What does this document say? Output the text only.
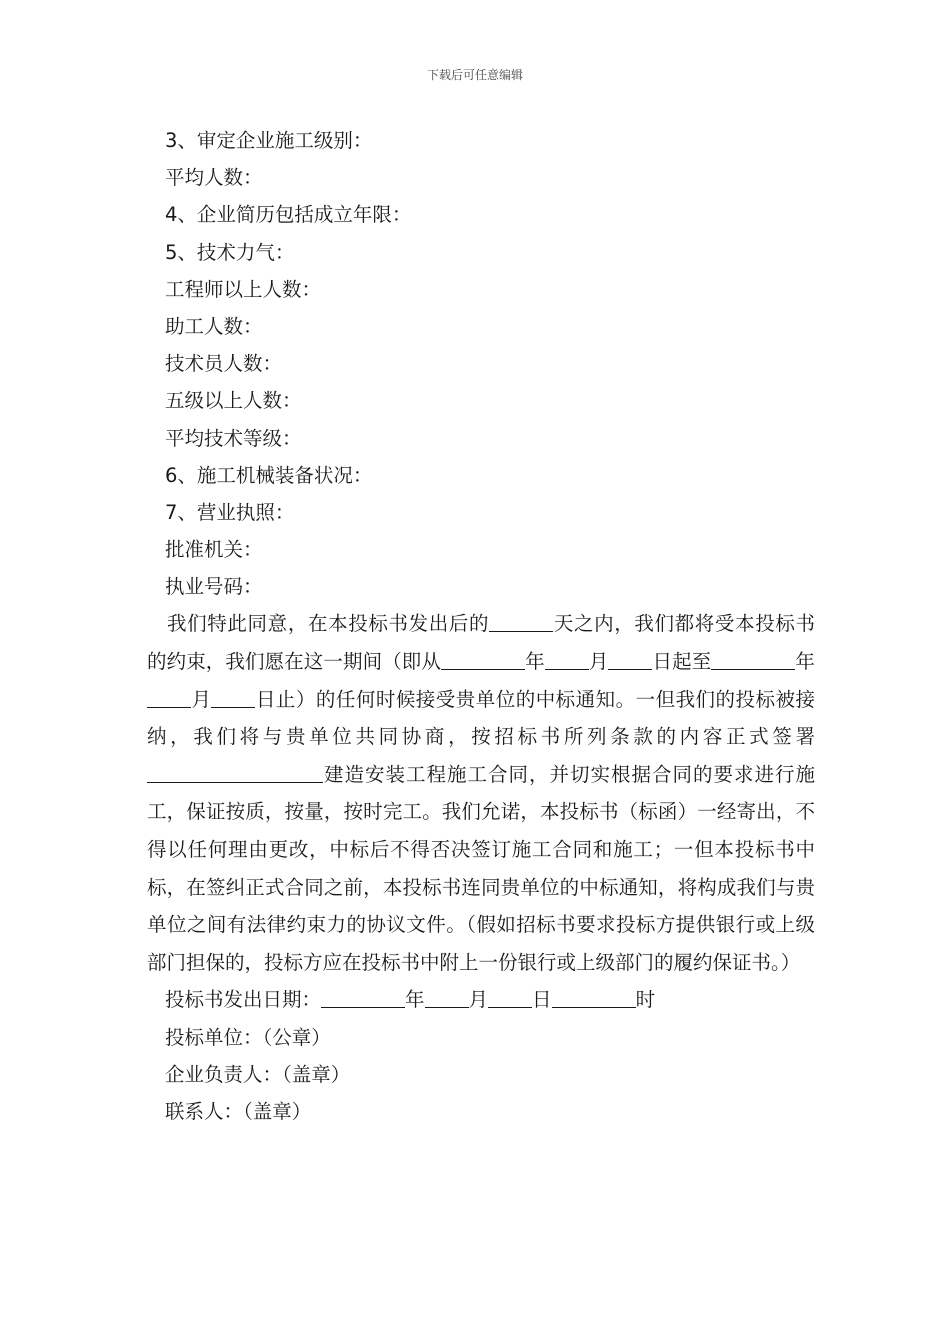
下载后可任意编辑
3、审定企业施工级别：
平均人数：
4、企业简历包括成立年限：
5、技术力气：
工程师以上人数：
助工人数：
技术员人数：
五级以上人数：
平均技术等级：
6、施工机械装备状况：
7、营业执照：
批准机关：
执业号码：

我们特此同意，在本投标书发出后的	天之内，我们都将受本投标书的约束，我们愿在这一期间（即从	年 月 日起至	年月 日止）的任何时候接受贵单位的中标通知。一但我们的投标被接纳，我们将与贵单位共同协商，按招标书所列条款的内容正式签署建造安装工程施工合同，并切实根据合同的要求进行施工，保证按质，按量，按时完工。我们允诺，本投标书（标函）一经寄出，不得以任何理由更改，中标后不得否决签订施工合同和施工；一但本投标书中标，在签纠正式合同之前，本投标书连同贵单位的中标通知，将构成我们与贵单位之间有法律约束力的协议文件。（假如招标书要求投标方提供银行或上级部门担保的，投标方应在投标书中附上一份银行或上级部门的履约保证书。）

投标书发出日期：	年 月 日	时
投标单位：（公章）
企业负责人：（盖章）
联系人：（盖章）
